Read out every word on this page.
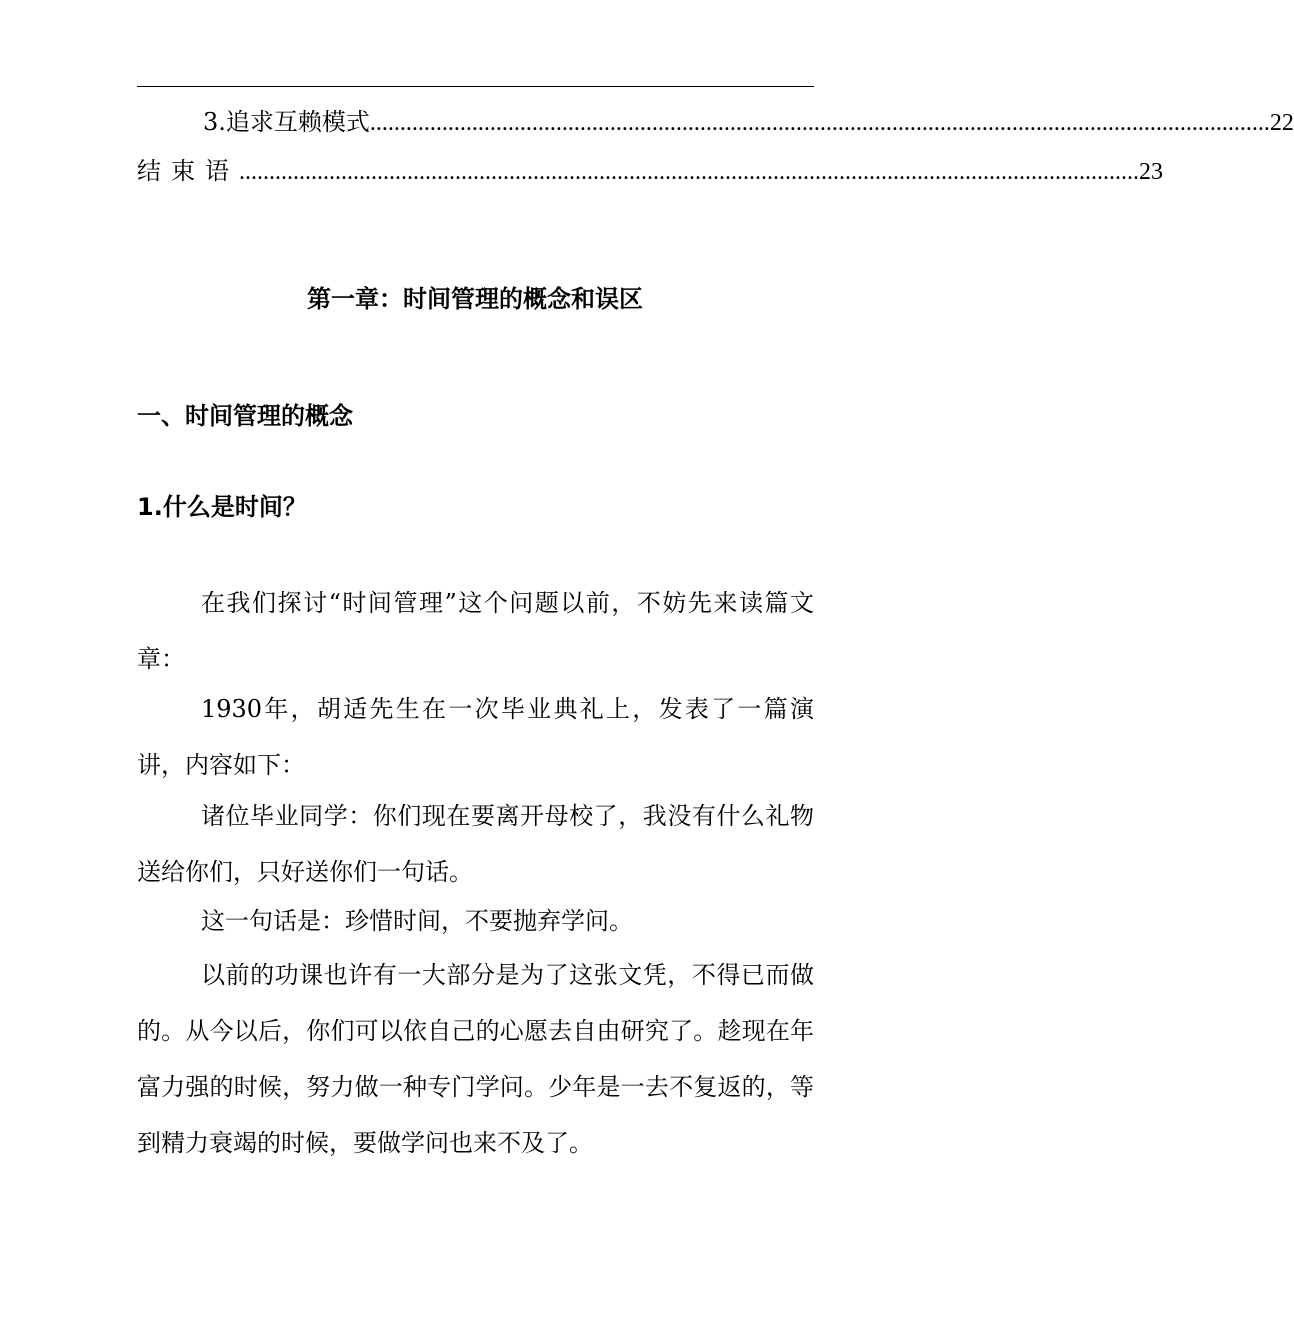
3.追求互赖模式 ...................................................................................................................................................... 22
结束语 ...................................................................................................................................................... 23
第一章：时间管理的概念和误区
一、时间管理的概念
1.什么是时间？

在我们探讨“时间管理”这个问题以前，不妨先来读篇文章：

1930年，胡适先生在一次毕业典礼上，发表了一篇演讲，内容如下：

诸位毕业同学：你们现在要离开母校了，我没有什么礼物送给你们，只好送你们一句话。

这一句话是：珍惜时间，不要抛弃学问。

以前的功课也许有一大部分是为了这张文凭，不得已而做的。从今以后，你们可以依自己的心愿去自由研究了。趁现在年富力强的时候，努力做一种专门学问。少年是一去不复返的，等到精力衰竭的时候，要做学问也来不及了。
